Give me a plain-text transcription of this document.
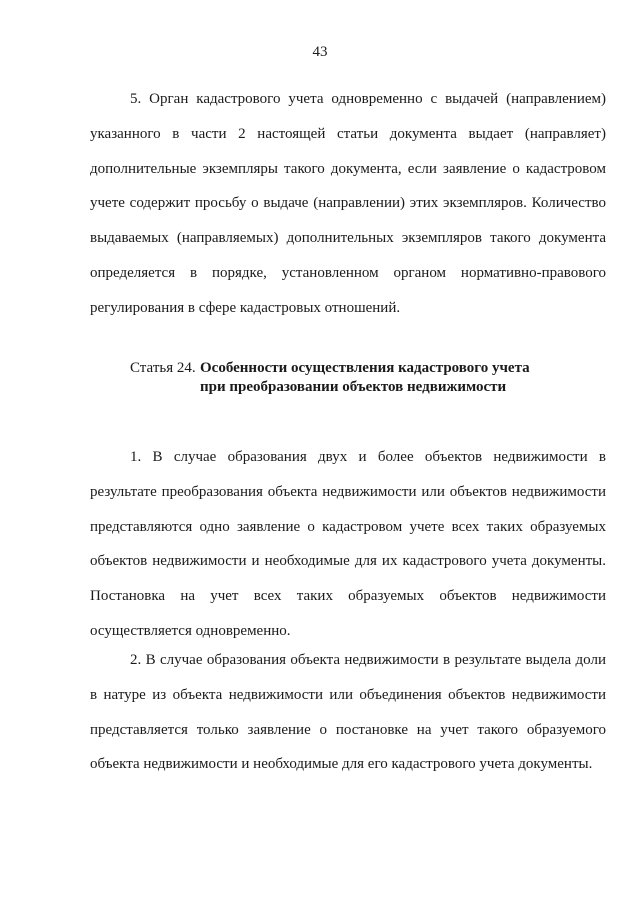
43

5. Орган кадастрового учета одновременно с выдачей (направлением) указанного в части 2 настоящей статьи документа выдает (направляет) дополнительные экземпляры такого документа, если заявление о кадастровом учете содержит просьбу о выдаче (направлении) этих экземпляров. Количество выдаваемых (направляемых) дополнительных экземпляров такого документа определяется в порядке, установленном органом нормативно-правового регулирования в сфере кадастровых отношений.

Статья 24. Особенности осуществления кадастрового учета при преобразовании объектов недвижимости

1. В случае образования двух и более объектов недвижимости в результате преобразования объекта недвижимости или объектов недвижимости представляются одно заявление о кадастровом учете всех таких образуемых объектов недвижимости и необходимые для их кадастрового учета документы. Постановка на учет всех таких образуемых объектов недвижимости осуществляется одновременно.

2. В случае образования объекта недвижимости в результате выдела доли в натуре из объекта недвижимости или объединения объектов недвижимости представляется только заявление о постановке на учет такого образуемого объекта недвижимости и необходимые для его кадастрового учета документы.
